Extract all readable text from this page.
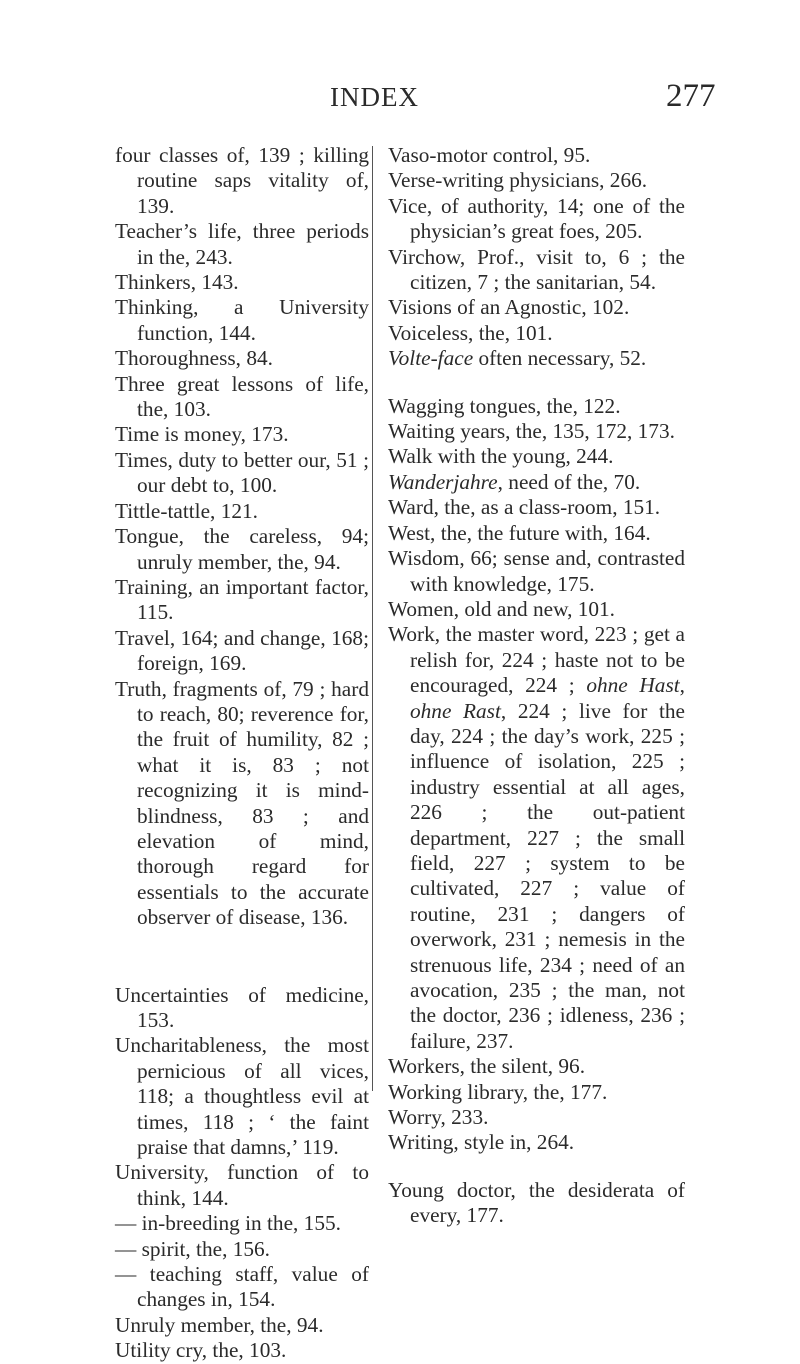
INDEX	277
four classes of, 139 ; killing routine saps vitality of, 139.
Teacher’s life, three periods in the, 243.
Thinkers, 143.
Thinking, a University function, 144.
Thoroughness, 84.
Three great lessons of life, the, 103.
Time is money, 173.
Times, duty to better our, 51 ; our debt to, 100.
Tittle-tattle, 121.
Tongue, the careless, 94; unruly member, the, 94.
Training, an important factor, 115.
Travel, 164; and change, 168; foreign, 169.
Truth, fragments of, 79 ; hard to reach, 80; reverence for, the fruit of humility, 82 ; what it is, 83 ; not recognizing it is mind-blindness, 83 ; and elevation of mind, thorough regard for essentials to the accurate observer of disease, 136.
Uncertainties of medicine, 153.
Uncharitableness, the most pernicious of all vices, 118; a thoughtless evil at times, 118 ; ‘ the faint praise that damns,’ 119.
University, function of to think, 144.
— in-breeding in the, 155.
— spirit, the, 156.
— teaching staff, value of changes in, 154.
Unruly member, the, 94.
Utility cry, the, 103.
Vaso-motor control, 95.
Verse-writing physicians, 266.
Vice, of authority, 14; one of the physician’s great foes, 205.
Virchow, Prof., visit to, 6 ; the citizen, 7 ; the sanitarian, 54.
Visions of an Agnostic, 102.
Voiceless, the, 101.
Volte-face often necessary, 52.
Wagging tongues, the, 122.
Waiting years, the, 135, 172, 173.
Walk with the young, 244.
Wanderjahre, need of the, 70.
Ward, the, as a class-room, 151.
West, the, the future with, 164.
Wisdom, 66; sense and, contrasted with knowledge, 175.
Women, old and new, 101.
Work, the master word, 223 ; get a relish for, 224 ; haste not to be encouraged, 224 ; ohne Hast, ohne Rast, 224 ; live for the day, 224 ; the day’s work, 225 ; influence of isolation, 225 ; industry essential at all ages, 226 ; the out-patient department, 227 ; the small field, 227 ; system to be cultivated, 227 ; value of routine, 231 ; dangers of overwork, 231 ; nemesis in the strenuous life, 234 ; need of an avocation, 235 ; the man, not the doctor, 236 ; idleness, 236 ; failure, 237.
Workers, the silent, 96.
Working library, the, 177.
Worry, 233.
Writing, style in, 264.
Young doctor, the desiderata of every, 177.
